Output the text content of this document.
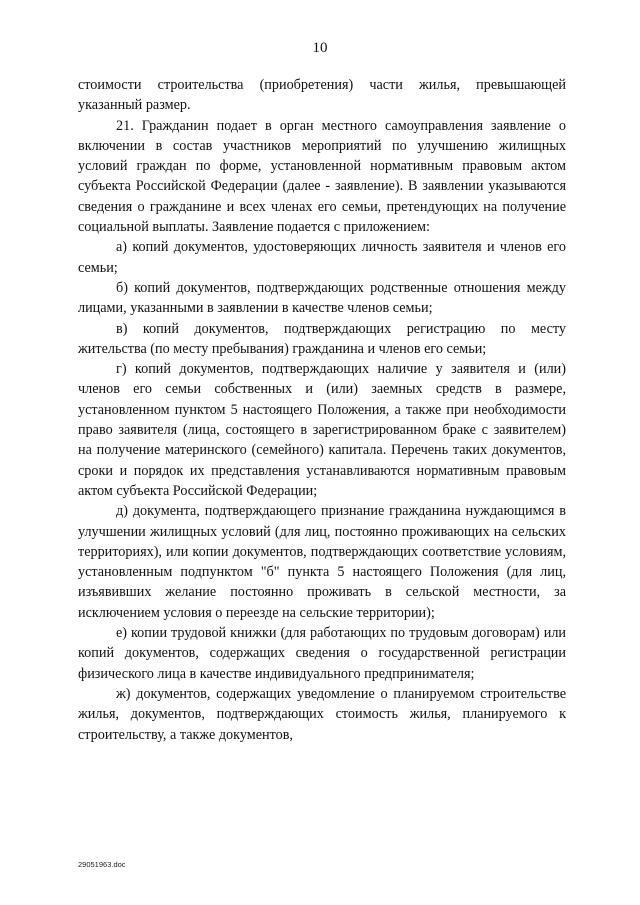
10

стоимости строительства (приобретения) части жилья, превышающей указанный размер.

21. Гражданин подает в орган местного самоуправления заявление о включении в состав участников мероприятий по улучшению жилищных условий граждан по форме, установленной нормативным правовым актом субъекта Российской Федерации (далее - заявление). В заявлении указываются сведения о гражданине и всех членах его семьи, претендующих на получение социальной выплаты. Заявление подается с приложением:

а) копий документов, удостоверяющих личность заявителя и членов его семьи;

б) копий документов, подтверждающих родственные отношения между лицами, указанными в заявлении в качестве членов семьи;

в) копий документов, подтверждающих регистрацию по месту жительства (по месту пребывания) гражданина и членов его семьи;

г) копий документов, подтверждающих наличие у заявителя и (или) членов его семьи собственных и (или) заемных средств в размере, установленном пунктом 5 настоящего Положения, а также при необходимости право заявителя (лица, состоящего в зарегистрированном браке с заявителем) на получение материнского (семейного) капитала. Перечень таких документов, сроки и порядок их представления устанавливаются нормативным правовым актом субъекта Российской Федерации;

д) документа, подтверждающего признание гражданина нуждающимся в улучшении жилищных условий (для лиц, постоянно проживающих на сельских территориях), или копии документов, подтверждающих соответствие условиям, установленным подпунктом "б" пункта 5 настоящего Положения (для лиц, изъявивших желание постоянно проживать в сельской местности, за исключением условия о переезде на сельские территории);

е) копии трудовой книжки (для работающих по трудовым договорам) или копий документов, содержащих сведения о государственной регистрации физического лица в качестве индивидуального предпринимателя;

ж) документов, содержащих уведомление о планируемом строительстве жилья, документов, подтверждающих стоимость жилья, планируемого к строительству, а также документов,

29051963.doc
